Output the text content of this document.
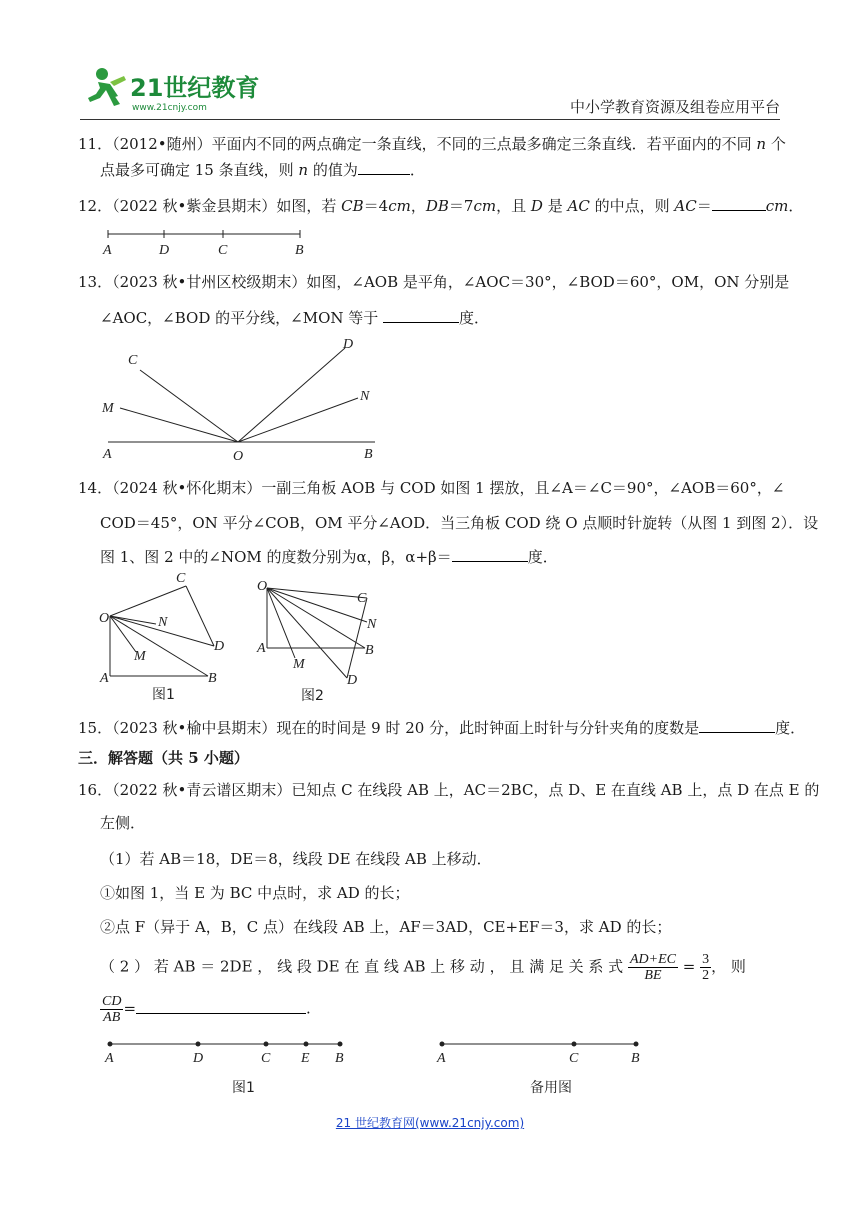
21世纪教育
www.21cnjy.com	中小学教育资源及组卷应用平台
11．（2012•随州）平面内不同的两点确定一条直线，不同的三点最多确定三条直线．若平面内的不同 n 个
点最多可确定 15 条直线，则 n 的值为	．
12．（2022 秋•紫金县期末）如图，若 CB＝4cm，DB＝7cm，且 D 是 AC 的中点，则 AC＝	cm．
A	D	C	B
13．（2023 秋•甘州区校级期末）如图，∠AOB 是平角，∠AOC＝30°，∠BOD＝60°，OM，ON 分别是
∠AOC，∠BOD 的平分线，∠MON 等于	度．
C
D
M
N
A	O	B
14．（2024 秋•怀化期末）一副三角板 AOB 与 COD 如图 1 摆放，且∠A＝∠C＝90°，∠AOB＝60°，∠
COD＝45°，ON 平分∠COB，OM 平分∠AOD．当三角板 COD 绕 O 点顺时针旋转（从图 1 到图 2）．设
图 1、图 2 中的∠NOM 的度数分别为α，β，α+β＝	度．
C
O	N
D
M
A	B
图1
O
C
N
A	B
M
D
图2
15．（2023 秋•榆中县期末）现在的时间是 9 时 20 分，此时钟面上时针与分针夹角的度数是	度．
三．解答题（共 5 小题）
16．（2022 秋•青云谱区期末）已知点 C 在线段 AB 上，AC＝2BC，点 D、E 在直线 AB 上，点 D 在点 E 的
左侧．
（1）若 AB＝18，DE＝8，线段 DE 在线段 AB 上移动．
①如图 1，当 E 为 BC 中点时，求 AD 的长；
②点 F（异于 A，B，C 点）在线段 AB 上，AF＝3AD，CE+EF＝3，求 AD 的长；
（ 2 ） 若 AB ＝ 2DE ， 线 段 DE 在 直 线 AB 上 移 动 ， 且 满 足 关 系 式 $\frac{AD+EC}{BE} = \frac{3}{2}$ ， 则
$\frac{CD}{AB}$ =	.
A	D	C E B
图1
A	C	B
备用图
21 世纪教育网(www.21cnjy.com)
